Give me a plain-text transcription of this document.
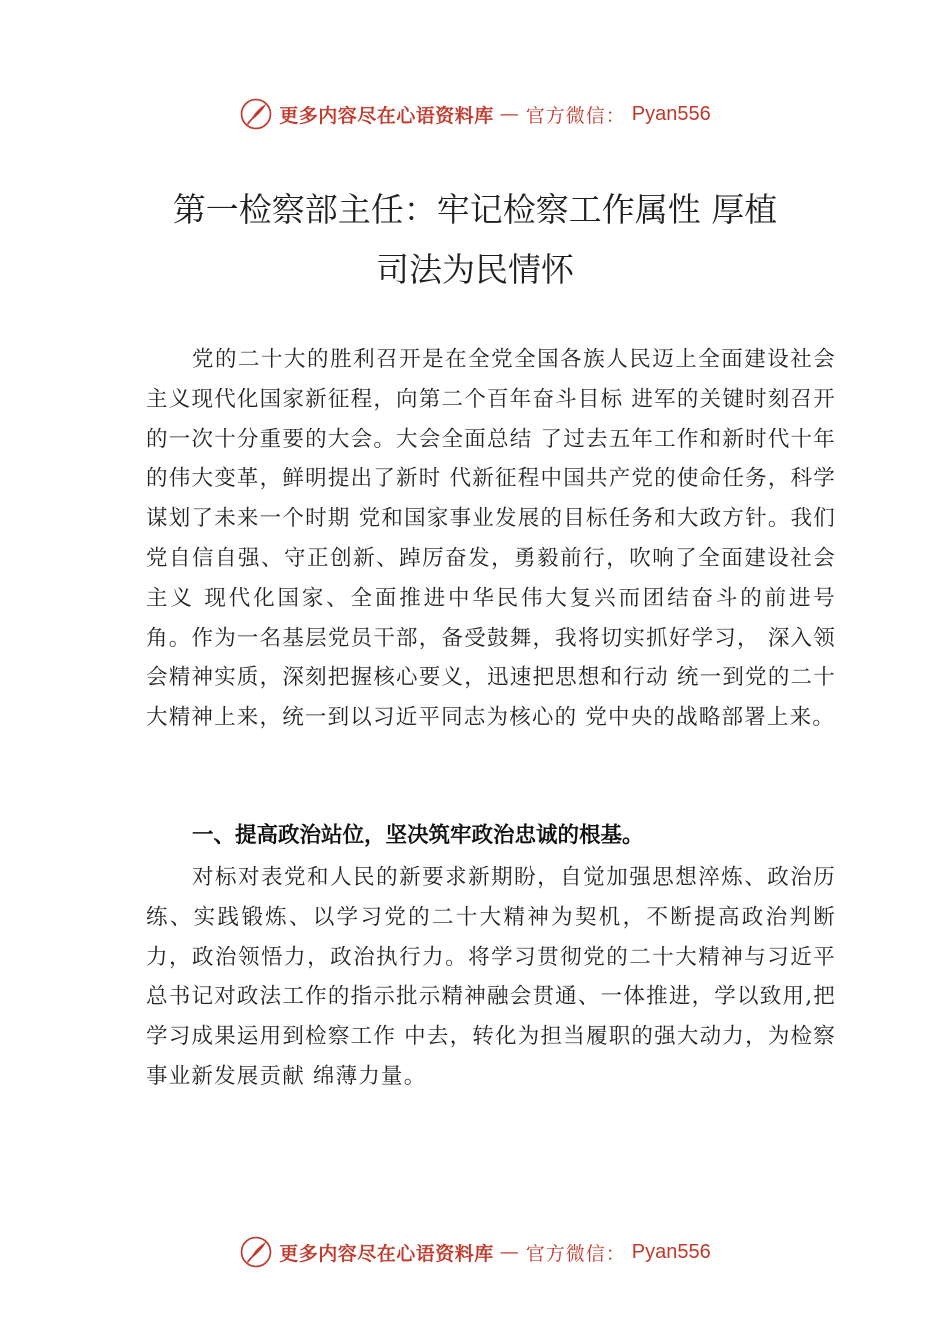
更多内容尽在心语资料库 — 官方微信： Pyan556
第一检察部主任：牢记检察工作属性 厚植
司法为民情怀

党的二十大的胜利召开是在全党全国各族人民迈上全面建设社会主义现代化国家新征程，向第二个百年奋斗目标 进军的关键时刻召开的一次十分重要的大会。大会全面总结 了过去五年工作和新时代十年的伟大变革，鲜明提出了新时 代新征程中国共产党的使命任务，科学谋划了未来一个时期 党和国家事业发展的目标任务和大政方针。我们党自信自强、守正创新、踔厉奋发，勇毅前行，吹响了全面建设社会主义 现代化国家、全面推进中华民伟大复兴而团结奋斗的前进号 角。作为一名基层党员干部，备受鼓舞，我将切实抓好学习， 深入领会精神实质，深刻把握核心要义，迅速把思想和行动 统一到党的二十大精神上来，统一到以习近平同志为核心的 党中央的战略部署上来。

一、提高政治站位，坚决筑牢政治忠诚的根基。

对标对表党和人民的新要求新期盼，自觉加强思想淬炼、政治历练、实践锻炼、以学习党的二十大精神为契机，不断提高政治判断力，政治领悟力，政治执行力。将学习贯彻党的二十大精神与习近平总书记对政法工作的指示批示精神融会贯通、一体推进，学以致用,把学习成果运用到检察工作 中去，转化为担当履职的强大动力，为检察事业新发展贡献 绵薄力量。

更多内容尽在心语资料库 — 官方微信： Pyan556
